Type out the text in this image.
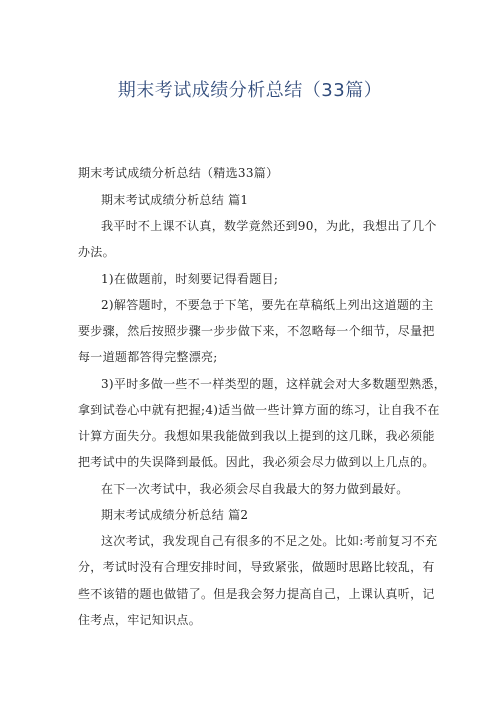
期末考试成绩分析总结（33篇）
期末考试成绩分析总结（精选33篇）
期末考试成绩分析总结 篇1
我平时不上课不认真，数学竟然还到90，为此，我想出了几个
办法。
1)在做题前，时刻要记得看题目;
2)解答题时，不要急于下笔，要先在草稿纸上列出这道题的主
要步骤，然后按照步骤一步步做下来，不忽略每一个细节，尽量把
每一道题都答得完整漂亮;
3)平时多做一些不一样类型的题，这样就会对大多数题型熟悉，
拿到试卷心中就有把握;4)适当做一些计算方面的练习，让自我不在
计算方面失分。我想如果我能做到我以上提到的这几眯，我必须能
把考试中的失误降到最低。因此，我必须会尽力做到以上几点的。
在下一次考试中，我必须会尽自我最大的努力做到最好。
期末考试成绩分析总结 篇2
这次考试，我发现自己有很多的不足之处。比如:考前复习不充
分，考试时没有合理安排时间，导致紧张，做题时思路比较乱，有
些不该错的题也做错了。但是我会努力提高自己，上课认真听，记
住考点，牢记知识点。
